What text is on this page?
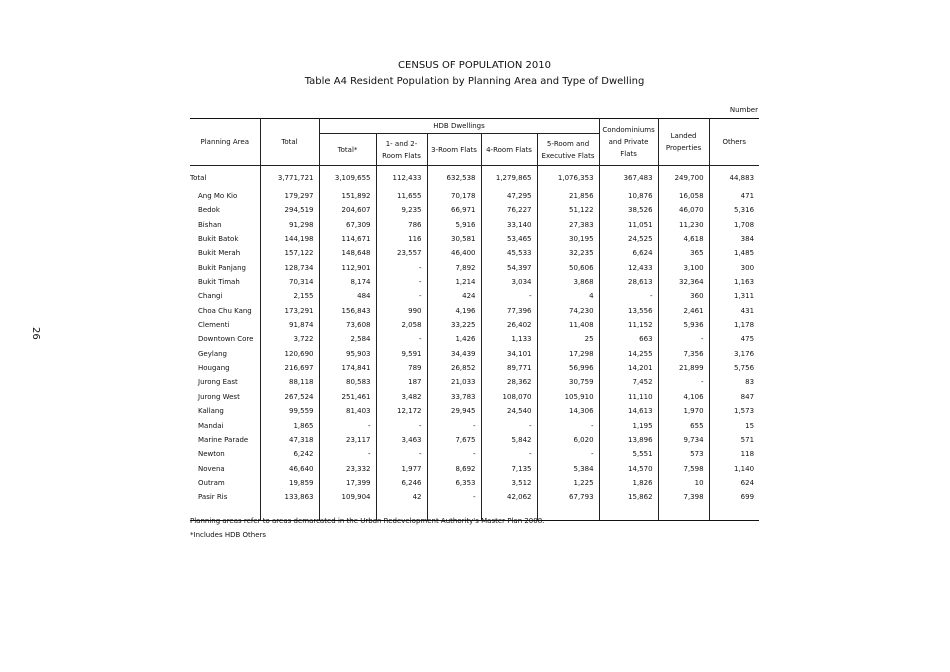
26
CENSUS OF POPULATION 2010
Table A4 Resident Population by Planning Area and Type of Dwelling
Number
Planning Area	Total	HDB Dwellings					Condominiums and Private Flats	Landed Properties	Others
		Total*	1- and 2-Room Flats	3-Room Flats	4-Room Flats	5-Room and Executive Flats			
Total	3,771,721	3,109,655	112,433	632,538	1,279,865	1,076,353	367,483	249,700	44,883
Ang Mo Kio	179,297	151,892	11,655	70,178	47,295	21,856	10,876	16,058	471
Bedok	294,519	204,607	9,235	66,971	76,227	51,122	38,526	46,070	5,316
Bishan	91,298	67,309	786	5,916	33,140	27,383	11,051	11,230	1,708
Bukit Batok	144,198	114,671	116	30,581	53,465	30,195	24,525	4,618	384
Bukit Merah	157,122	148,648	23,557	46,400	45,533	32,235	6,624	365	1,485
Bukit Panjang	128,734	112,901	-	7,892	54,397	50,606	12,433	3,100	300
Bukit Timah	70,314	8,174	-	1,214	3,034	3,868	28,613	32,364	1,163
Changi	2,155	484	-	424	-	4	-	360	1,311
Choa Chu Kang	173,291	156,843	990	4,196	77,396	74,230	13,556	2,461	431
Clementi	91,874	73,608	2,058	33,225	26,402	11,408	11,152	5,936	1,178
Downtown Core	3,722	2,584	-	1,426	1,133	25	663	-	475
Geylang	120,690	95,903	9,591	34,439	34,101	17,298	14,255	7,356	3,176
Hougang	216,697	174,841	789	26,852	89,771	56,996	14,201	21,899	5,756
Jurong East	88,118	80,583	187	21,033	28,362	30,759	7,452	-	83
Jurong West	267,524	251,461	3,482	33,783	108,070	105,910	11,110	4,106	847
Kallang	99,559	81,403	12,172	29,945	24,540	14,306	14,613	1,970	1,573
Mandai	1,865	-	-	-	-	-	1,195	655	15
Marine Parade	47,318	23,117	3,463	7,675	5,842	6,020	13,896	9,734	571
Newton	6,242	-	-	-	-	-	5,551	573	118
Novena	46,640	23,332	1,977	8,692	7,135	5,384	14,570	7,598	1,140
Outram	19,859	17,399	6,246	6,353	3,512	1,225	1,826	10	624
Pasir Ris	133,863	109,904	42	-	42,062	67,793	15,862	7,398	699

Planning areas refer to areas demarcated in the Urban Redevelopment Authority's Master Plan 2008.
*Includes HDB Others
